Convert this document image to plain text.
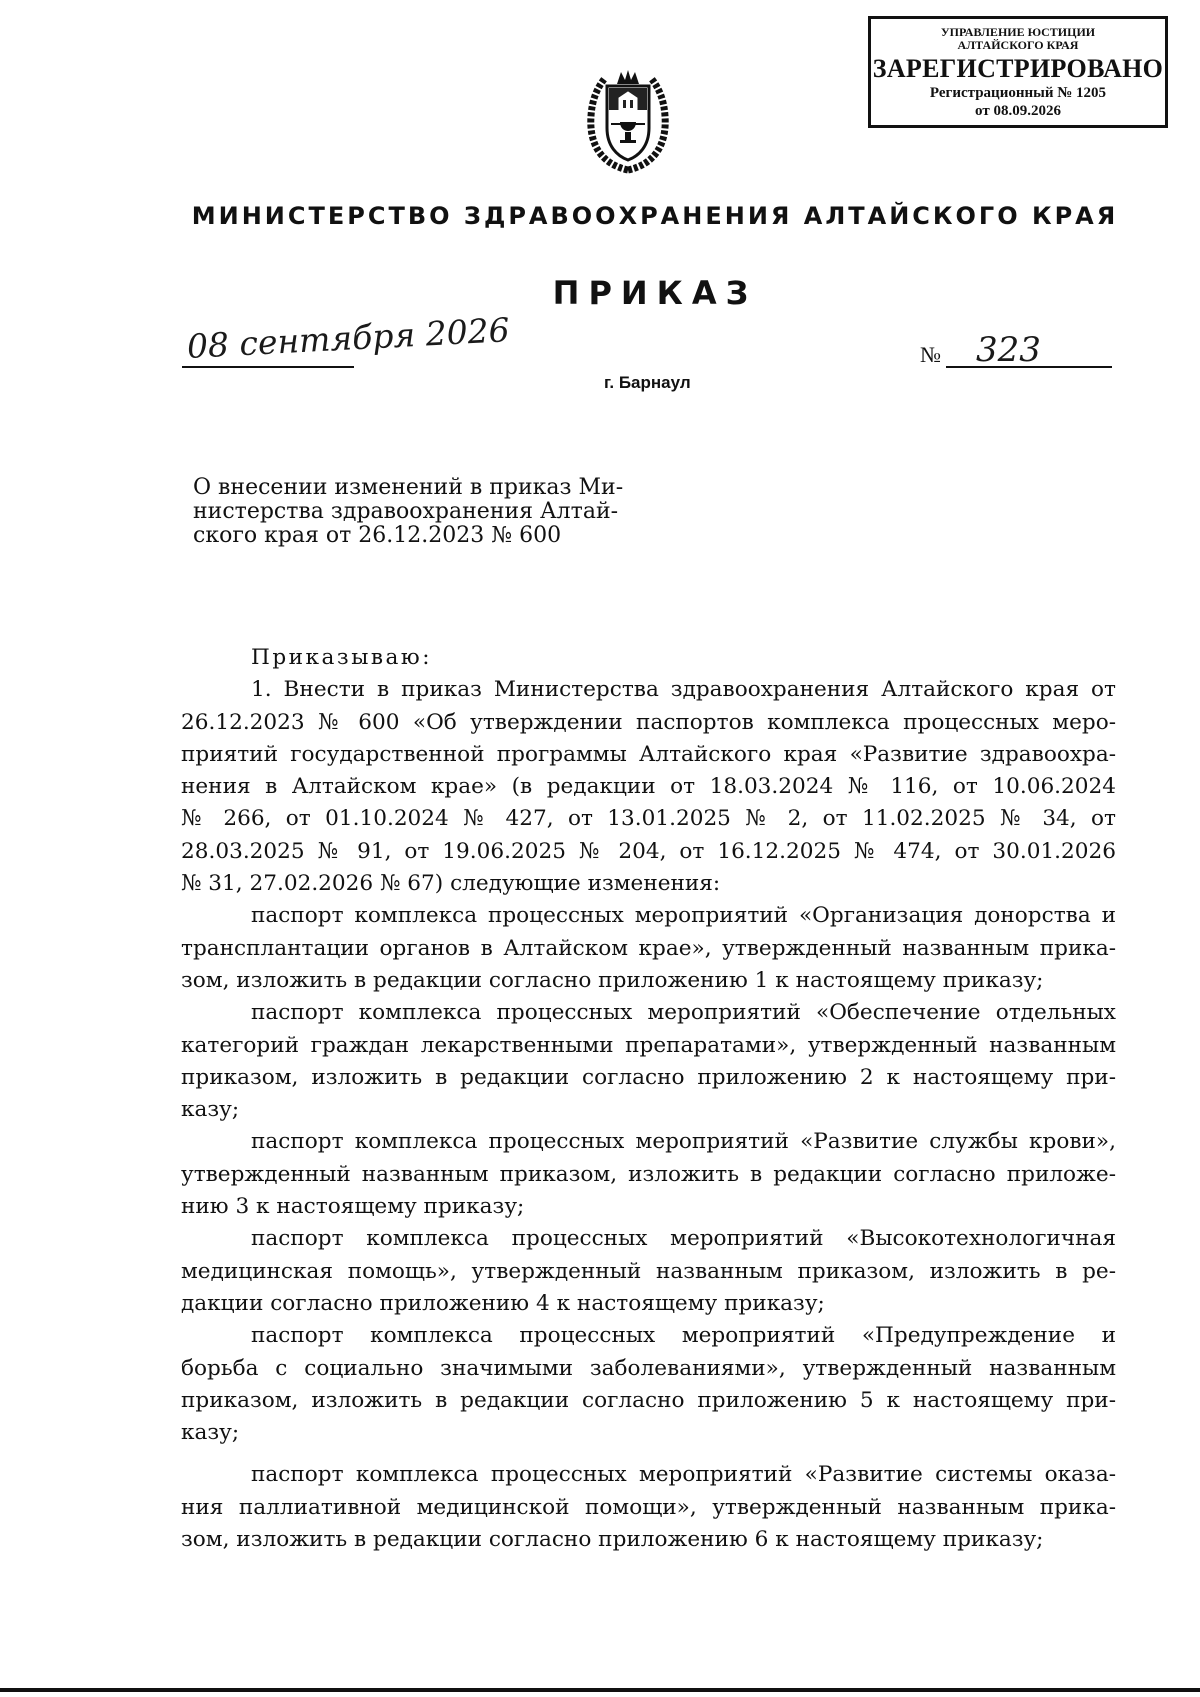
УПРАВЛЕНИЕ ЮСТИЦИИ
АЛТАЙСКОГО КРАЯ
ЗАРЕГИСТРИРОВАНО
Регистрационный № 1205
от 08.09.2026
МИНИСТЕРСТВО ЗДРАВООХРАНЕНИЯ АЛТАЙСКОГО КРАЯ
ПРИКАЗ
08 сентября 2026
г. Барнаул
№ 323
О внесении изменений в приказ Ми-
нистерства здравоохранения Алтай-
ского края от 26.12.2023 № 600
Приказываю:
1. Внести в приказ Министерства здравоохранения Алтайского края от
26.12.2023 № 600 «Об утверждении паспортов комплекса процессных меро-
приятий государственной программы Алтайского края «Развитие здравоохра-
нения в Алтайском крае» (в редакции от 18.03.2024 № 116, от 10.06.2024
№ 266, от 01.10.2024 № 427, от 13.01.2025 № 2, от 11.02.2025 № 34, от
28.03.2025 № 91, от 19.06.2025 № 204, от 16.12.2025 № 474, от 30.01.2026
№ 31, 27.02.2026 № 67) следующие изменения:
паспорт комплекса процессных мероприятий «Организация донорства и
трансплантации органов в Алтайском крае», утвержденный названным прика-
зом, изложить в редакции согласно приложению 1 к настоящему приказу;
паспорт комплекса процессных мероприятий «Обеспечение отдельных
категорий граждан лекарственными препаратами», утвержденный названным
приказом, изложить в редакции согласно приложению 2 к настоящему при-
казу;
паспорт комплекса процессных мероприятий «Развитие службы крови»,
утвержденный названным приказом, изложить в редакции согласно приложе-
нию 3 к настоящему приказу;
паспорт комплекса процессных мероприятий «Высокотехнологичная
медицинская помощь», утвержденный названным приказом, изложить в ре-
дакции согласно приложению 4 к настоящему приказу;
паспорт комплекса процессных мероприятий «Предупреждение и
борьба с социально значимыми заболеваниями», утвержденный названным
приказом, изложить в редакции согласно приложению 5 к настоящему при-
казу;
паспорт комплекса процессных мероприятий «Развитие системы оказа-
ния паллиативной медицинской помощи», утвержденный названным прика-
зом, изложить в редакции согласно приложению 6 к настоящему приказу;
